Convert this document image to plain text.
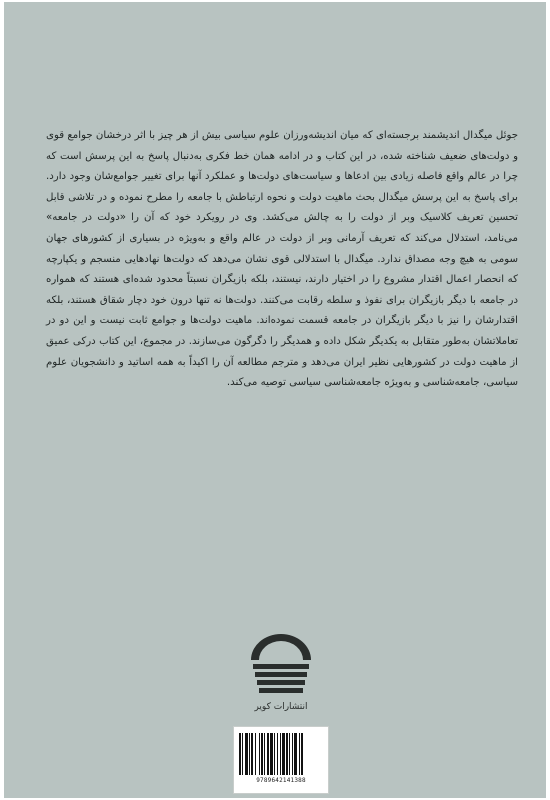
جوئل میگدال اندیشمند برجسته‌ای که میان اندیشه‌ورزان علوم سیاسی بیش از هر چیز با اثر درخشان جوامع قوی و دولت‌های ضعیف شناخته شده، در این کتاب و در ادامه همان خط فکری به‌دنبال پاسخ به این پرسش است که چرا در عالم واقع فاصله زیادی بین ادعاها و سیاست‌های دولت‌ها و عملکرد آنها برای تغییر جوامع‌شان وجود دارد. برای پاسخ به این پرسش میگدال بحث ماهیت دولت و نحوه ارتباطش با جامعه را مطرح نموده و در تلاشی قابل تحسین تعریف کلاسیک وبر از دولت را به چالش می‌کشد. وی در رویکرد خود که آن را «دولت در جامعه» می‌نامد، استدلال می‌کند که تعریف آرمانی وبر از دولت در عالم واقع و به‌ویژه در بسیاری از کشورهای جهان سومی به هیچ وجه مصداق ندارد. میگدال با استدلالی قوی نشان می‌دهد که دولت‌ها نهادهایی منسجم و یکپارچه که انحصار اعمال اقتدار مشروع را در اختیار دارند، نیستند، بلکه بازیگران نسبتاً محدود شده‌ای هستند که همواره در جامعه با دیگر بازیگران برای نفوذ و سلطه رقابت می‌کنند. دولت‌ها نه تنها درون خود دچار شقاق هستند، بلکه اقتدارشان را نیز با دیگر بازیگران در جامعه قسمت نموده‌اند. ماهیت دولت‌ها و جوامع ثابت نیست و این دو در تعاملاتشان به‌طور متقابل به یکدیگر شکل داده و همدیگر را دگرگون می‌سازند. در مجموع، این کتاب درکی عمیق از ماهیت دولت در کشورهایی نظیر ایران می‌دهد و مترجم مطالعه آن را اکیداً به همه اساتید و دانشجویان علوم سیاسی، جامعه‌شناسی و به‌ویژه جامعه‌شناسی سیاسی توصیه می‌کند.

انتشارات کویر
9789642141388
